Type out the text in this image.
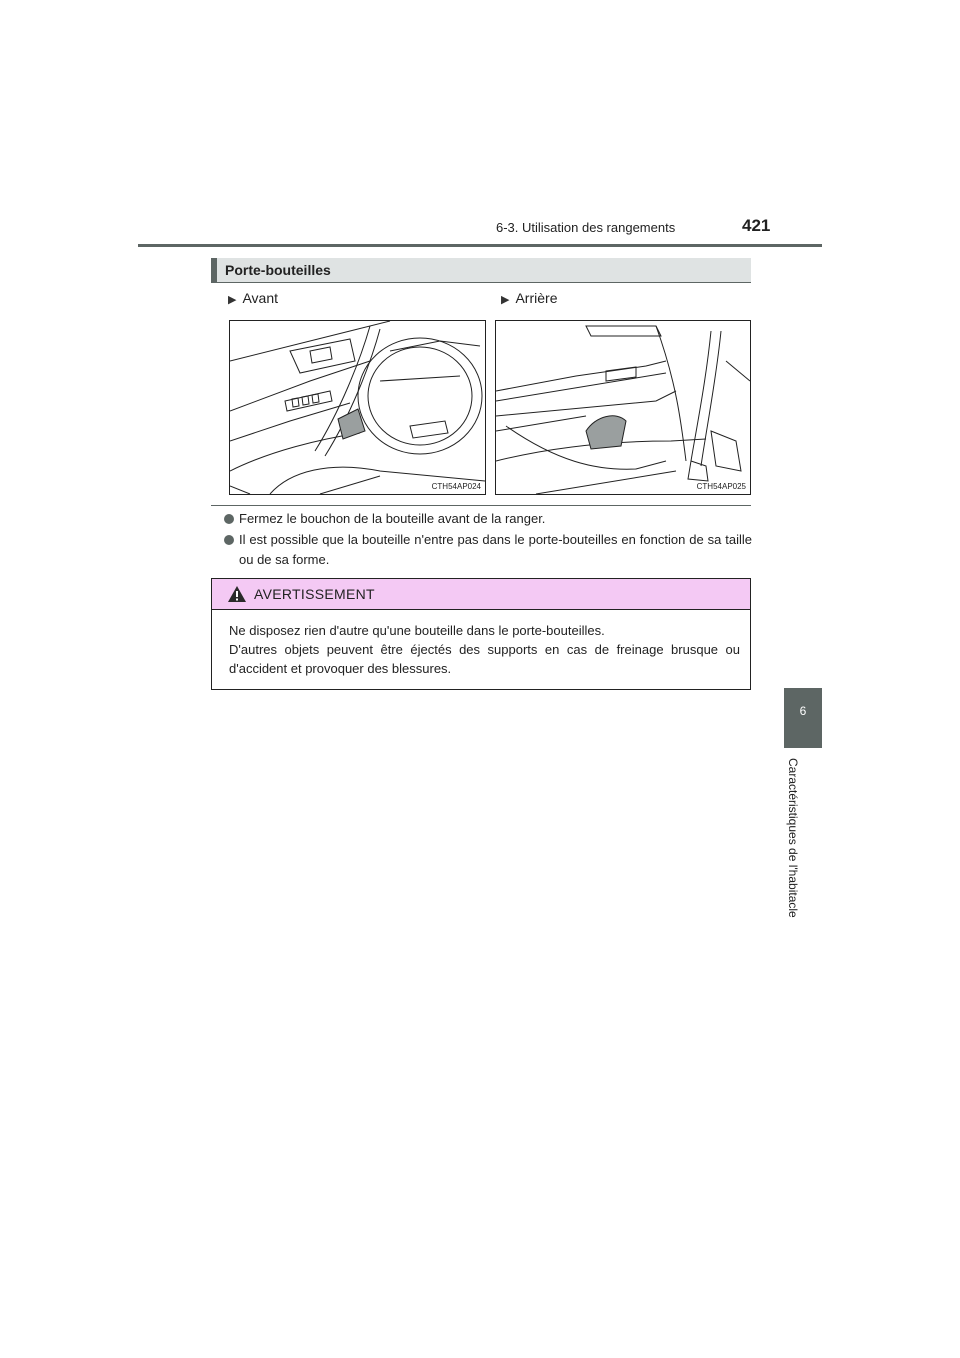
6-3. Utilisation des rangements	421
6
Caractéristiques de l'habitacle
Porte-bouteilles
▶ Avant	▶ Arrière
CTH54AP024	CTH54AP025
Fermez le bouchon de la bouteille avant de la ranger.
Il est possible que la bouteille n'entre pas dans le porte-bouteilles en fonction de sa taille ou de sa forme.
AVERTISSEMENT
Ne disposez rien d'autre qu'une bouteille dans le porte-bouteilles.
D'autres objets peuvent être éjectés des supports en cas de freinage brusque ou d'accident et provoquer des blessures.
